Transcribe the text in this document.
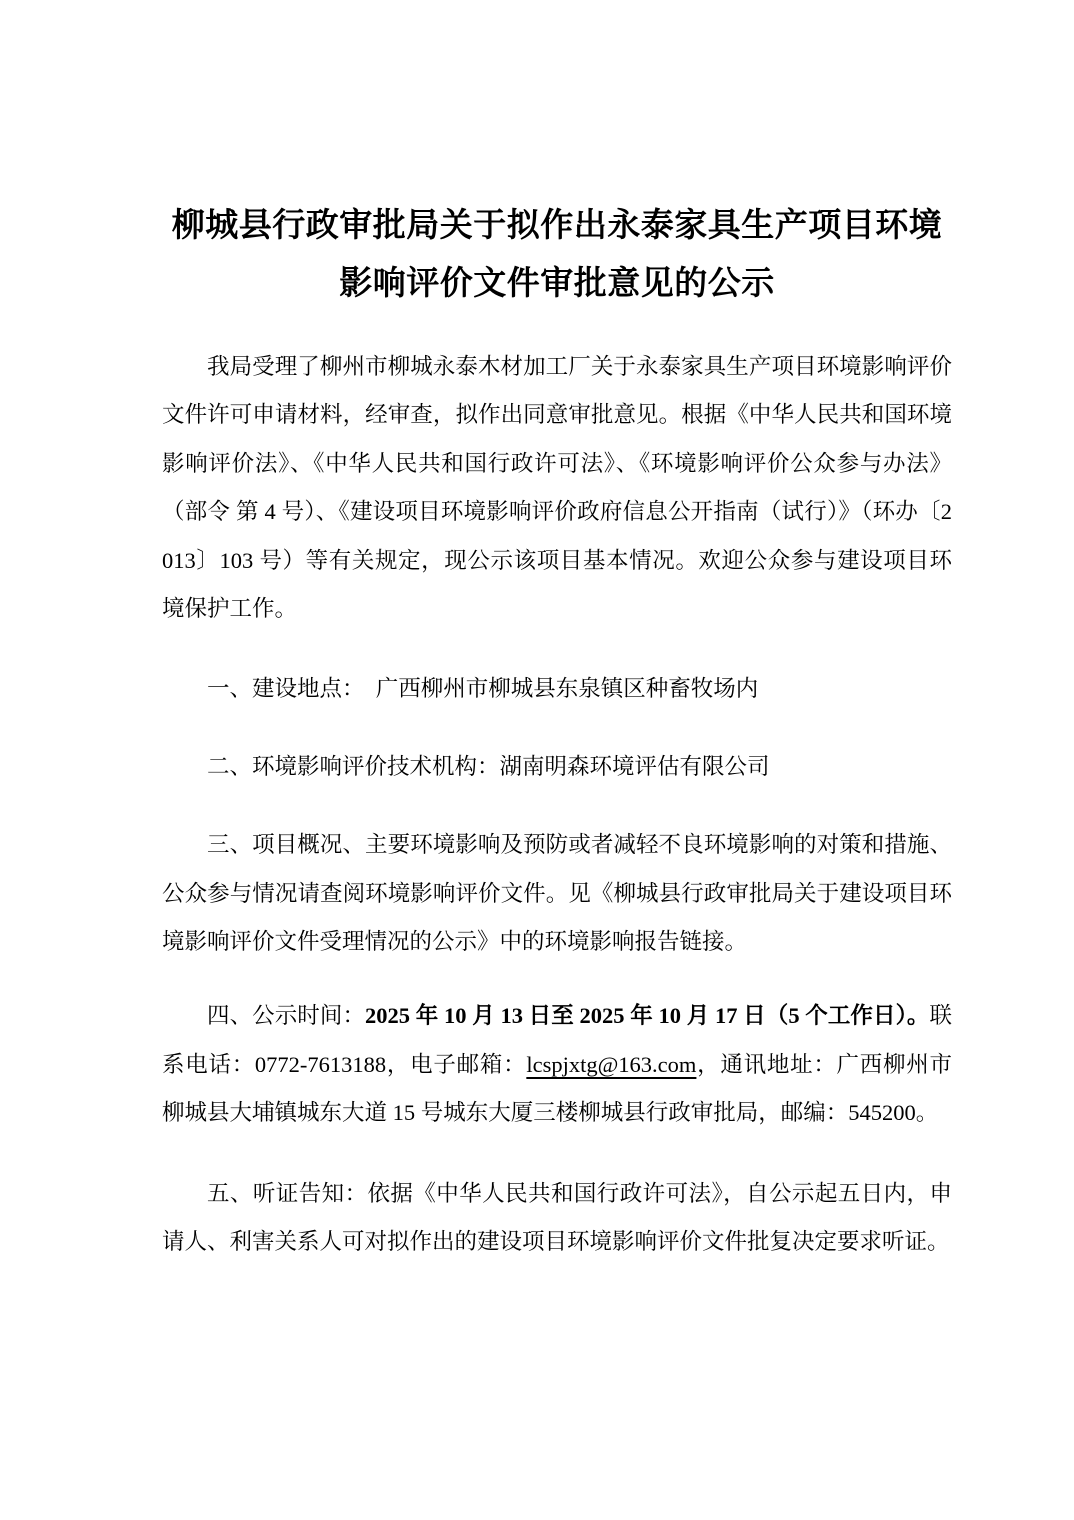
柳城县行政审批局关于拟作出永泰家具生产项目环境
影响评价文件审批意见的公示

我局受理了柳州市柳城永泰木材加工厂关于永泰家具生产项目环境影响评价文件许可申请材料，经审查，拟作出同意审批意见。根据《中华人民共和国环境影响评价法》、《中华人民共和国行政许可法》、《环境影响评价公众参与办法》（部令 第 4 号）、《建设项目环境影响评价政府信息公开指南（试行）》（环办〔2013〕103 号）等有关规定，现公示该项目基本情况。欢迎公众参与建设项目环境保护工作。

一、建设地点：　广西柳州市柳城县东泉镇区种畜牧场内

二、环境影响评价技术机构：湖南明森环境评估有限公司

三、项目概况、主要环境影响及预防或者减轻不良环境影响的对策和措施、公众参与情况请查阅环境影响评价文件。见《柳城县行政审批局关于建设项目环境影响评价文件受理情况的公示》中的环境影响报告链接。

四、公示时间：2025 年 10 月 13 日至 2025 年 10 月 17 日（5 个工作日）。联系电话：0772-7613188，电子邮箱：lcspjxtg@163.com，通讯地址：广西柳州市柳城县大埔镇城东大道 15 号城东大厦三楼柳城县行政审批局，邮编：545200。

五、听证告知：依据《中华人民共和国行政许可法》，自公示起五日内，申请人、利害关系人可对拟作出的建设项目环境影响评价文件批复决定要求听证。
